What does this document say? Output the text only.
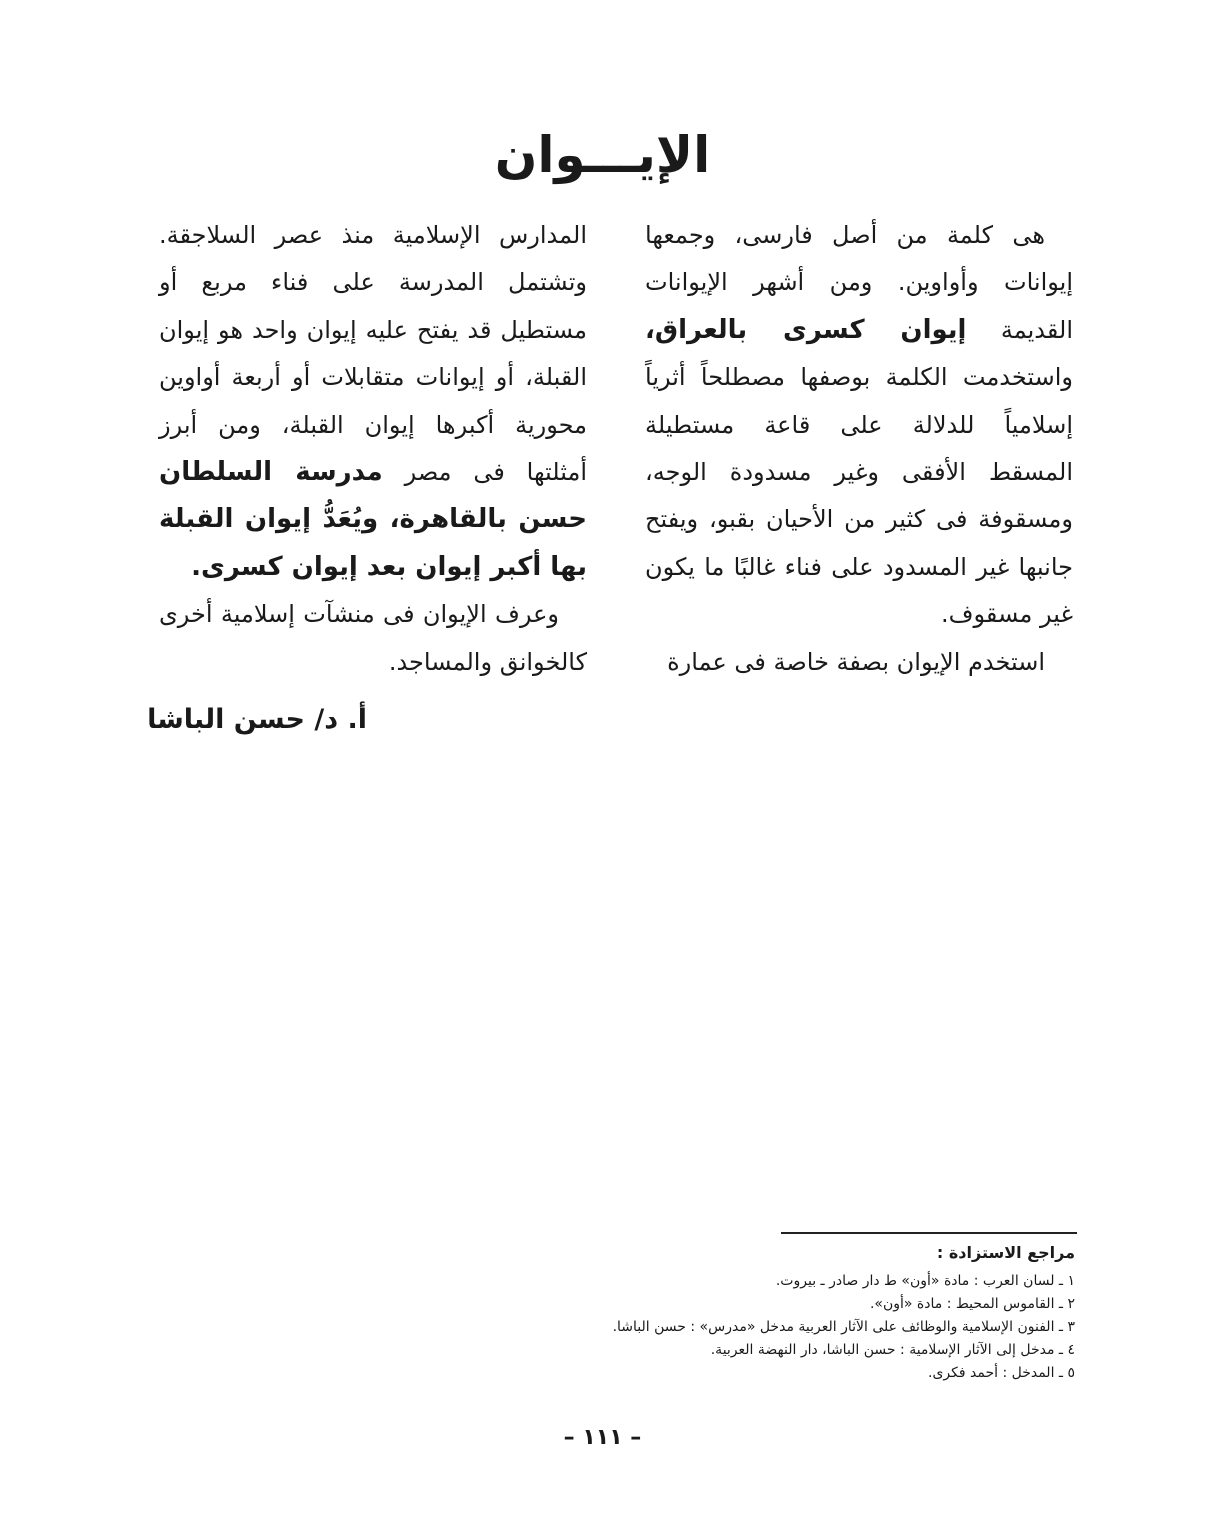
الإيـــوان

هى كلمة من أصل فارسى، وجمعها إيوانات وأواوين. ومن أشهر الإيوانات القديمة إيوان كسرى بالعراق، واستخدمت الكلمة بوصفها مصطلحاً أثرياً إسلامياً للدلالة على قاعة مستطيلة المسقط الأفقى وغير مسدودة الوجه، ومسقوفة فى كثير من الأحيان بقبو، ويفتح جانبها غير المسدود على فناء غالبًا ما يكون غير مسقوف.

استخدم الإيوان بصفة خاصة فى عمارة

المدارس الإسلامية منذ عصر السلاجقة. وتشتمل المدرسة على فناء مربع أو مستطيل قد يفتح عليه إيوان واحد هو إيوان القبلة، أو إيوانات متقابلات أو أربعة أواوين محورية أكبرها إيوان القبلة، ومن أبرز أمثلتها فى مصر مدرسة السلطان حسن بالقاهرة، ويُعَدُّ إيوان القبلة بها أكبر إيوان بعد إيوان كسرى.

وعرف الإيوان فى منشآت إسلامية أخرى كالخوانق والمساجد.

أ. د/ حسن الباشا
مراجع الاستزادة :
١ ـ لسان العرب : مادة «أون» ط دار صادر ـ بيروت.
٢ ـ القاموس المحيط : مادة «أون».
٣ ـ الفنون الإسلامية والوظائف على الآثار العربية مدخل «مدرس» : حسن الباشا.
٤ ـ مدخل إلى الآثار الإسلامية : حسن الباشا، دار النهضة العربية.
٥ ـ المدخل : أحمد فكرى.
– ١١١ –
